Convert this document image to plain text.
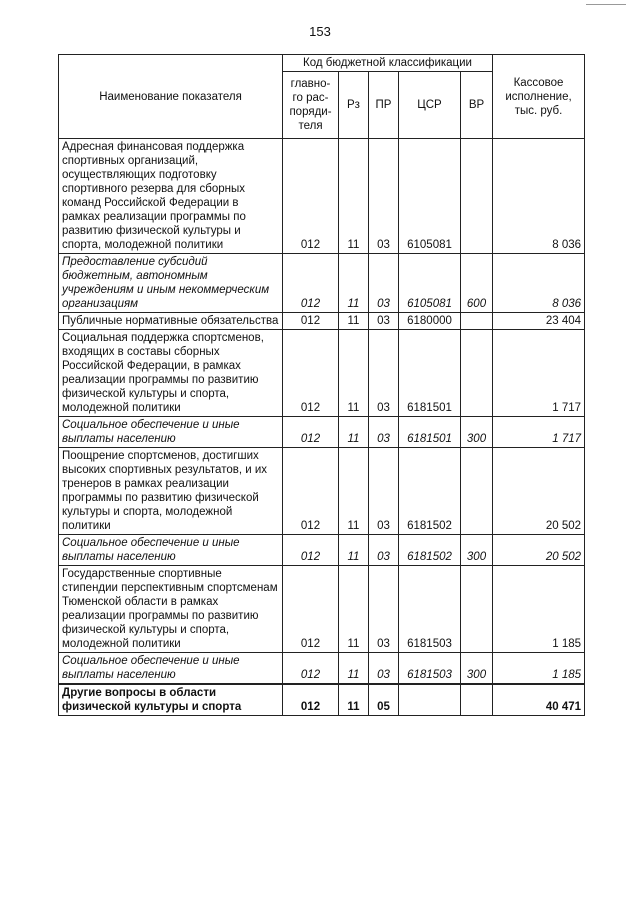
153
Наименование показателя	Код бюджетной классификации					Кассовое исполнение, тыс. руб.
	главно-го рас-поряди-теля	Рз	ПР	ЦСР	ВР	
Адресная финансовая поддержка спортивных организаций, осуществляющих подготовку спортивного резерва для сборных команд Российской Федерации в рамках реализации программы по развитию физической культуры и спорта, молодежной политики	012	11	03	6105081		8 036
Предоставление субсидий бюджетным, автономным учреждениям и иным некоммерческим организациям	012	11	03	6105081	600	8 036
Публичные нормативные обязательства	012	11	03	6180000		23 404
Социальная поддержка спортсменов, входящих в составы сборных Российской Федерации, в рамках реализации программы по развитию физической культуры и спорта, молодежной политики	012	11	03	6181501		1 717
Социальное обеспечение и иные выплаты населению	012	11	03	6181501	300	1 717
Поощрение спортсменов, достигших высоких спортивных результатов, и их тренеров в рамках реализации программы по развитию физической культуры и спорта, молодежной политики	012	11	03	6181502		20 502
Социальное обеспечение и иные выплаты населению	012	11	03	6181502	300	20 502
Государственные спортивные стипендии перспективным спортсменам Тюменской области в рамках реализации программы по развитию физической культуры и спорта, молодежной политики	012	11	03	6181503		1 185
Социальное обеспечение и иные выплаты населению	012	11	03	6181503	300	1 185
Другие вопросы в области физической культуры и спорта	012	11	05			40 471
